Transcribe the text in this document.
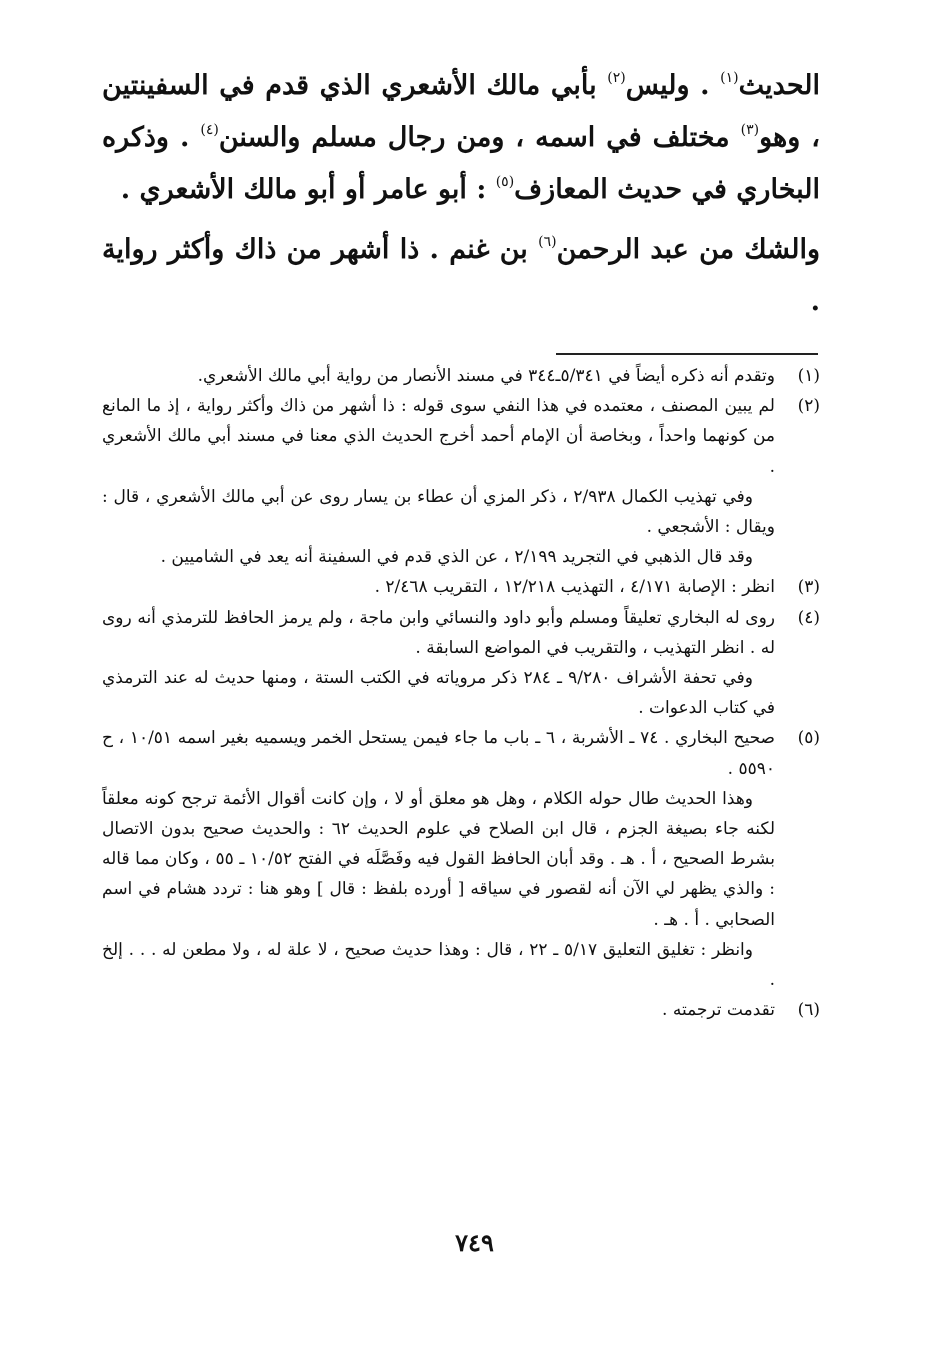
الحديث$^{(١)}$ . وليس$^{(٢)}$ بأبي مالك الأشعري الذي قدم في السفينتين ، وهو$^{(٣)}$ مختلف في اسمه ، ومن رجال مسلم والسنن$^{(٤)}$ . وذكره البخاري في حديث المعازف$^{(٥)}$ : أبو عامر أو أبو مالك الأشعري .

والشك من عبد الرحمن$^{(٦)}$ بن غنم . ذا أشهر من ذاك وأكثر رواية .

(١)

وتقدم أنه ذكره أيضاً في ٥/٣٤١ـ٣٤٤ في مسند الأنصار من رواية أبي مالك الأشعري.

(٢)

لم يبين المصنف ، معتمده في هذا النفي سوى قوله : ذا أشهر من ذاك وأكثر رواية ، إذ ما المانع من كونهما واحداً ، وبخاصة أن الإمام أحمد أخرج الحديث الذي معنا في مسند أبي مالك الأشعري .

وفي تهذيب الكمال ٢/٩٣٨ ، ذكر المزي أن عطاء بن يسار روى عن أبي مالك الأشعري ، قال : ويقال : الأشجعي .

وقد قال الذهبي في التجريد ٢/١٩٩ ، عن الذي قدم في السفينة أنه يعد في الشاميين .

(٣)

انظر : الإصابة ٤/١٧١ ، التهذيب ١٢/٢١٨ ، التقريب ٢/٤٦٨ .

(٤)

روى له البخاري تعليقاً ومسلم وأبو داود والنسائي وابن ماجة ، ولم يرمز الحافظ للترمذي أنه روى له . انظر التهذيب ، والتقريب في المواضع السابقة .

وفي تحفة الأشراف ٩/٢٨٠ ـ ٢٨٤ ذكر مروياته في الكتب الستة ، ومنها حديث له عند الترمذي في كتاب الدعوات .

(٥)

صحيح البخاري . ٧٤ ـ الأشربة ، ٦ ـ باب ما جاء فيمن يستحل الخمر ويسميه بغير اسمه ١٠/٥١ ، ح ٥٥٩٠ .

وهذا الحديث طال حوله الكلام ، وهل هو معلق أو لا ، وإن كانت أقوال الأئمة ترجح كونه معلقاً لكنه جاء بصيغة الجزم ، قال ابن الصلاح في علوم الحديث ٦٢ : والحديث صحيح بدون الاتصال بشرط الصحيح ، أ . هـ . وقد أبان الحافظ القول فيه وفَصَّلَه في الفتح ١٠/٥٢ ـ ٥٥ ، وكان مما قاله : والذي يظهر لي الآن أنه لقصور في سياقه [ أورده بلفظ : قال ] وهو هنا : تردد هشام في اسم الصحابي . أ . هـ .

وانظر : تغليق التعليق ٥/١٧ ـ ٢٢ ، قال : وهذا حديث صحيح ، لا علة له ، ولا مطعن له . . . إلخ .

(٦)

تقدمت ترجمته .

٧٤٩
